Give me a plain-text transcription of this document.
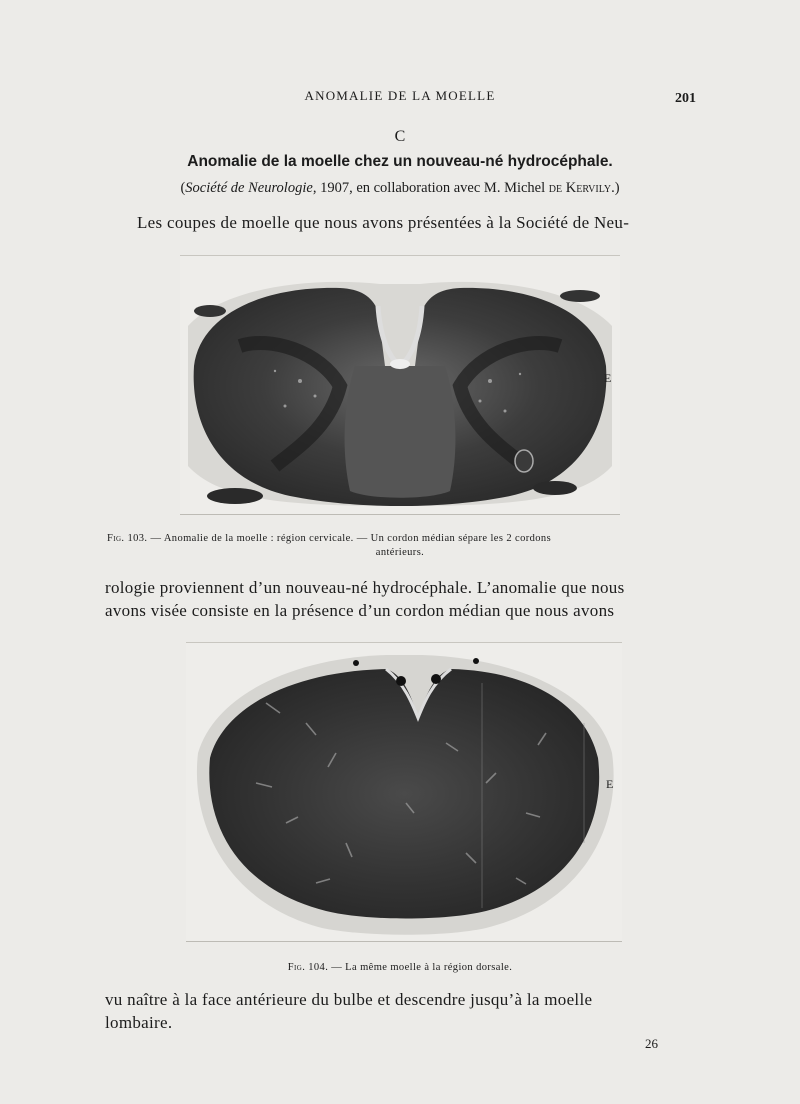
ANOMALIE DE LA MOELLE	201
C
Anomalie de la moelle chez un nouveau-né hydrocéphale.
(Société de Neurologie, 1907, en collaboration avec M. Michel de Kervily.)
Les coupes de moelle que nous avons présentées à la Société de Neu-
E
Fig. 103. — Anomalie de la moelle : région cervicale. — Un cordon médian sépare les 2 cordons
antérieurs.
rologie proviennent d’un nouveau-né hydrocéphale. L’anomalie que nous
avons visée consiste en la présence d’un cordon médian que nous avons
E
Fig. 104. — La même moelle à la région dorsale.
vu naître à la face antérieure du bulbe et descendre jusqu’à la moelle
lombaire.
26
